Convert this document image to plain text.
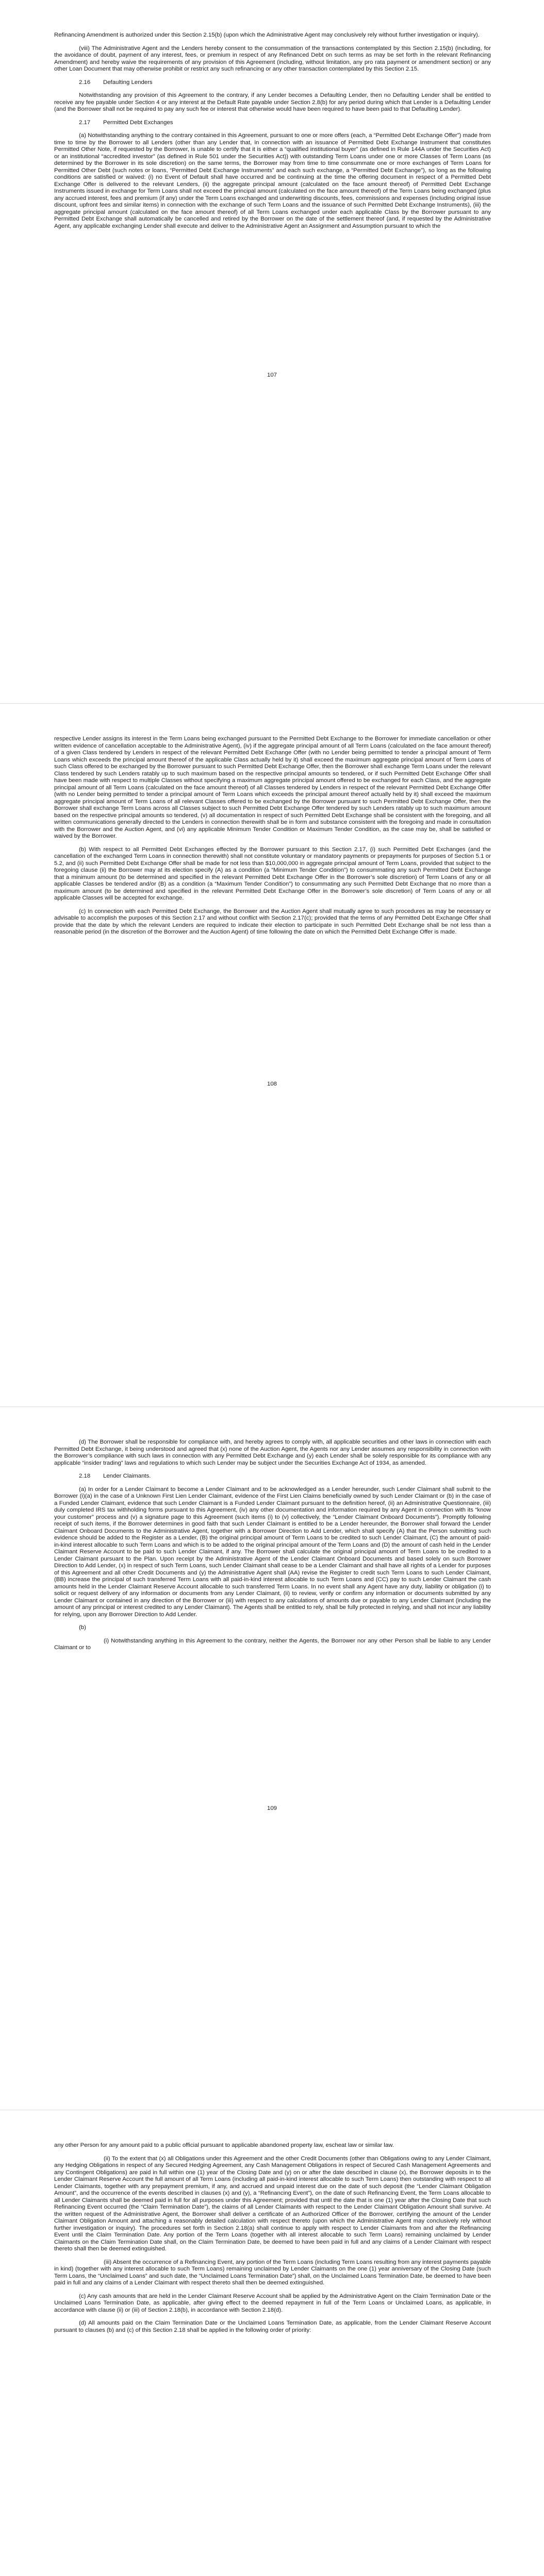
Refinancing Amendment is authorized under this Section 2.15(b) (upon which the Administrative Agent may conclusively rely without further investigation or inquiry).
(viii) The Administrative Agent and the Lenders hereby consent to the consummation of the transactions contemplated by this Section 2.15(b) (including, for the avoidance of doubt, payment of any interest, fees, or premium in respect of any Refinanced Debt on such terms as may be set forth in the relevant Refinancing Amendment) and hereby waive the requirements of any provision of this Agreement (including, without limitation, any pro rata payment or amendment section) or any other Loan Document that may otherwise prohibit or restrict any such refinancing or any other transaction contemplated by this Section 2.15.
2.16 Defaulting Lenders
Notwithstanding any provision of this Agreement to the contrary, if any Lender becomes a Defaulting Lender, then no Defaulting Lender shall be entitled to receive any fee payable under Section 4 or any interest at the Default Rate payable under Section 2.8(b) for any period during which that Lender is a Defaulting Lender (and the Borrower shall not be required to pay any such fee or interest that otherwise would have been required to have been paid to that Defaulting Lender).
2.17 Permitted Debt Exchanges
(a) Notwithstanding anything to the contrary contained in this Agreement, pursuant to one or more offers (each, a “Permitted Debt Exchange Offer”) made from time to time by the Borrower to all Lenders (other than any Lender that, in connection with an issuance of Permitted Debt Exchange Instrument that constitutes Permitted Other Note, if requested by the Borrower, is unable to certify that it is either a “qualified institutional buyer” (as defined in Rule 144A under the Securities Act) or an institutional “accredited investor” (as defined in Rule 501 under the Securities Act)) with outstanding Term Loans under one or more Classes of Term Loans (as determined by the Borrower in its sole discretion) on the same terms, the Borrower may from time to time consummate one or more exchanges of Term Loans for Permitted Other Debt (such notes or loans, “Permitted Debt Exchange Instruments” and each such exchange, a “Permitted Debt Exchange”), so long as the following conditions are satisfied or waived: (i) no Event of Default shall have occurred and be continuing at the time the offering document in respect of a Permitted Debt Exchange Offer is delivered to the relevant Lenders, (ii) the aggregate principal amount (calculated on the face amount thereof) of Permitted Debt Exchange Instruments issued in exchange for Term Loans shall not exceed the principal amount (calculated on the face amount thereof) of the Term Loans being exchanged (plus any accrued interest, fees and premium (if any) under the Term Loans exchanged and underwriting discounts, fees, commissions and expenses (including original issue discount, upfront fees and similar items) in connection with the exchange of such Term Loans and the issuance of such Permitted Debt Exchange Instruments), (iii) the aggregate principal amount (calculated on the face amount thereof) of all Term Loans exchanged under each applicable Class by the Borrower pursuant to any Permitted Debt Exchange shall automatically be cancelled and retired by the Borrower on the date of the settlement thereof (and, if requested by the Administrative Agent, any applicable exchanging Lender shall execute and deliver to the Administrative Agent an Assignment and Assumption pursuant to which the
107
respective Lender assigns its interest in the Term Loans being exchanged pursuant to the Permitted Debt Exchange to the Borrower for immediate cancellation or other written evidence of cancellation acceptable to the Administrative Agent), (iv) if the aggregate principal amount of all Term Loans (calculated on the face amount thereof) of a given Class tendered by Lenders in respect of the relevant Permitted Debt Exchange Offer (with no Lender being permitted to tender a principal amount of Term Loans which exceeds the principal amount thereof of the applicable Class actually held by it) shall exceed the maximum aggregate principal amount of Term Loans of such Class offered to be exchanged by the Borrower pursuant to such Permitted Debt Exchange Offer, then the Borrower shall exchange Term Loans under the relevant Class tendered by such Lenders ratably up to such maximum based on the respective principal amounts so tendered, or if such Permitted Debt Exchange Offer shall have been made with respect to multiple Classes without specifying a maximum aggregate principal amount offered to be exchanged for each Class, and the aggregate principal amount of all Term Loans (calculated on the face amount thereof) of all Classes tendered by Lenders in respect of the relevant Permitted Debt Exchange Offer (with no Lender being permitted to tender a principal amount of Term Loans which exceeds the principal amount thereof actually held by it) shall exceed the maximum aggregate principal amount of Term Loans of all relevant Classes offered to be exchanged by the Borrower pursuant to such Permitted Debt Exchange Offer, then the Borrower shall exchange Term Loans across all Classes subject to such Permitted Debt Exchange Offer tendered by such Lenders ratably up to such maximum amount based on the respective principal amounts so tendered, (v) all documentation in respect of such Permitted Debt Exchange shall be consistent with the foregoing, and all written communications generally directed to the Lenders in connection therewith shall be in form and substance consistent with the foregoing and made in consultation with the Borrower and the Auction Agent, and (vi) any applicable Minimum Tender Condition or Maximum Tender Condition, as the case may be, shall be satisfied or waived by the Borrower.
(b) With respect to all Permitted Debt Exchanges effected by the Borrower pursuant to this Section 2.17, (i) such Permitted Debt Exchanges (and the cancellation of the exchanged Term Loans in connection therewith) shall not constitute voluntary or mandatory payments or prepayments for purposes of Section 5.1 or 5.2, and (ii) such Permitted Debt Exchange Offer shall be made for not less than $10,000,000 in aggregate principal amount of Term Loans, provided that subject to the foregoing clause (ii) the Borrower may at its election specify (A) as a condition (a “Minimum Tender Condition”) to consummating any such Permitted Debt Exchange that a minimum amount (to be determined and specified in the relevant Permitted Debt Exchange Offer in the Borrower’s sole discretion) of Term Loans of any or all applicable Classes be tendered and/or (B) as a condition (a “Maximum Tender Condition”) to consummating any such Permitted Debt Exchange that no more than a maximum amount (to be determined and specified in the relevant Permitted Debt Exchange Offer in the Borrower’s sole discretion) of Term Loans of any or all applicable Classes will be accepted for exchange.
(c) In connection with each Permitted Debt Exchange, the Borrower and the Auction Agent shall mutually agree to such procedures as may be necessary or advisable to accomplish the purposes of this Section 2.17 and without conflict with Section 2.17(c); provided that the terms of any Permitted Debt Exchange Offer shall provide that the date by which the relevant Lenders are required to indicate their election to participate in such Permitted Debt Exchange shall be not less than a reasonable period (in the discretion of the Borrower and the Auction Agent) of time following the date on which the Permitted Debt Exchange Offer is made.
108
(d) The Borrower shall be responsible for compliance with, and hereby agrees to comply with, all applicable securities and other laws in connection with each Permitted Debt Exchange, it being understood and agreed that (x) none of the Auction Agent, the Agents nor any Lender assumes any responsibility in connection with the Borrower’s compliance with such laws in connection with any Permitted Debt Exchange and (y) each Lender shall be solely responsible for its compliance with any applicable “insider trading” laws and regulations to which such Lender may be subject under the Securities Exchange Act of 1934, as amended.
2.18 Lender Claimants.
(a) In order for a Lender Claimant to become a Lender Claimant and to be acknowledged as a Lender hereunder, such Lender Claimant shall submit to the Borrower (i)(a) in the case of a Unknown First Lien Lender Claimant, evidence of the First Lien Claims beneficially owned by such Lender Claimant or (b) in the case of a Funded Lender Claimant, evidence that such Lender Claimant is a Funded Lender Claimant pursuant to the definition hereof, (ii) an Administrative Questionnaire, (iii) duly completed IRS tax withholding forms pursuant to this Agreement, (iv) any other documentation and information required by any Agent in connection with its “know your customer” process and (v) a signature page to this Agreement (such items (i) to (v) collectively, the “Lender Claimant Onboard Documents”). Promptly following receipt of such items, if the Borrower determines in good faith that such Lender Claimant is entitled to be a Lender hereunder, the Borrower shall forward the Lender Claimant Onboard Documents to the Administrative Agent, together with a Borrower Direction to Add Lender, which shall specify (A) that the Person submitting such evidence should be added to the Register as a Lender, (B) the original principal amount of Term Loans to be credited to such Lender Claimant, (C) the amount of paid-in-kind interest allocable to such Term Loans and which is to be added to the original principal amount of the Term Loans and (D) the amount of cash held in the Lender Claimant Reserve Account to be paid to such Lender Claimant, if any. The Borrower shall calculate the original principal amount of Term Loans to be credited to a Lender Claimant pursuant to the Plan. Upon receipt by the Administrative Agent of the Lender Claimant Onboard Documents and based solely on such Borrower Direction to Add Lender, (x) in respect of such Term Loans, such Lender Claimant shall cease to be a Lender Claimant and shall have all rights of a Lender for purposes of this Agreement and all other Credit Documents and (y) the Administrative Agent shall (AA) revise the Register to credit such Term Loans to such Lender Claimant, (BB) increase the principal of such transferred Term Loans with all paid-in-kind interest allocable to such Term Loans and (CC) pay to such Lender Claimant the cash amounts held in the Lender Claimant Reserve Account allocable to such transferred Term Loans. In no event shall any Agent have any duty, liability or obligation (i) to solicit or request delivery of any information or documents from any Lender Claimant, (ii) to review, verify or confirm any information or documents submitted by any Lender Claimant or contained in any direction of the Borrower or (iii) with respect to any calculations of amounts due or payable to any Lender Claimant (including the amount of any principal or interest credited to any Lender Claimant). The Agents shall be entitled to rely, shall be fully protected in relying, and shall not incur any liability for relying, upon any Borrower Direction to Add Lender.
(b)
(i) Notwithstanding anything in this Agreement to the contrary, neither the Agents, the Borrower nor any other Person shall be liable to any Lender Claimant or to
109
any other Person for any amount paid to a public official pursuant to applicable abandoned property law, escheat law or similar law.
(ii) To the extent that (x) all Obligations under this Agreement and the other Credit Documents (other than Obligations owing to any Lender Claimant, any Hedging Obligations in respect of any Secured Hedging Agreement, any Cash Management Obligations in respect of Secured Cash Management Agreements and any Contingent Obligations) are paid in full within one (1) year of the Closing Date and (y) on or after the date described in clause (x), the Borrower deposits in to the Lender Claimant Reserve Account the full amount of all Term Loans (including all paid-in-kind interest allocable to such Term Loans) then outstanding with respect to all Lender Claimants, together with any prepayment premium, if any, and accrued and unpaid interest due on the date of such deposit (the “Lender Claimant Obligation Amount”, and the occurrence of the events described in clauses (x) and (y), a “Refinancing Event”), on the date of such Refinancing Event, the Term Loans allocable to all Lender Claimants shall be deemed paid in full for all purposes under this Agreement; provided that until the date that is one (1) year after the Closing Date that such Refinancing Event occurred (the “Claim Termination Date”), the claims of all Lender Claimants with respect to the Lender Claimant Obligation Amount shall survive. At the written request of the Administrative Agent, the Borrower shall deliver a certificate of an Authorized Officer of the Borrower, certifying the amount of the Lender Claimant Obligation Amount and attaching a reasonably detailed calculation with respect thereto (upon which the Administrative Agent may conclusively rely without further investigation or inquiry). The procedures set forth in Section 2.18(a) shall continue to apply with respect to Lender Claimants from and after the Refinancing Event until the Claim Termination Date. Any portion of the Term Loans (together with all interest allocable to such Term Loans) remaining unclaimed by Lender Claimants on the Claim Termination Date shall, on the Claim Termination Date, be deemed to have been paid in full and any claims of a Lender Claimant with respect thereto shall then be deemed extinguished.
(iii) Absent the occurrence of a Refinancing Event, any portion of the Term Loans (including Term Loans resulting from any interest payments payable in kind) (together with any interest allocable to such Term Loans) remaining unclaimed by Lender Claimants on the one (1) year anniversary of the Closing Date (such Term Loans, the “Unclaimed Loans” and such date, the “Unclaimed Loans Termination Date”) shall, on the Unclaimed Loans Termination Date, be deemed to have been paid in full and any claims of a Lender Claimant with respect thereto shall then be deemed extinguished.
(c) Any cash amounts that are held in the Lender Claimant Reserve Account shall be applied by the Administrative Agent on the Claim Termination Date or the Unclaimed Loans Termination Date, as applicable, after giving effect to the deemed repayment in full of the Term Loans or Unclaimed Loans, as applicable, in accordance with clause (ii) or (iii) of Section 2.18(b), in accordance with Section 2.18(d).
(d) All amounts paid on the Claim Termination Date or the Unclaimed Loans Termination Date, as applicable, from the Lender Claimant Reserve Account pursuant to clauses (b) and (c) of this Section 2.18 shall be applied in the following order of priority:
